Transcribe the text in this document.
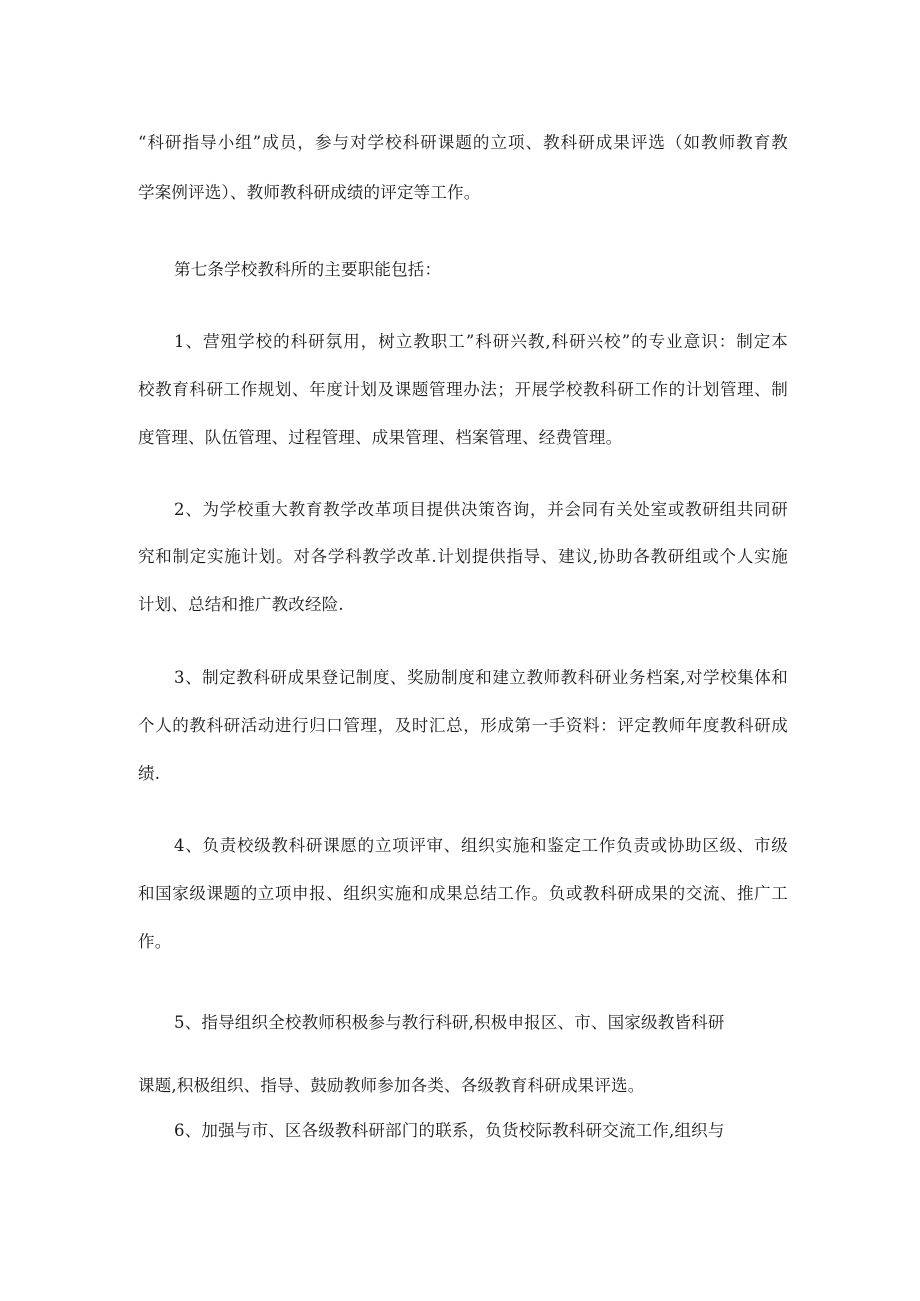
“科研指导小组”成员，参与对学校科研课题的立项、教科研成果评选（如教师教育教
学案例评选）、教师教科研成绩的评定等工作。
第七条学校教科所的主要职能包括：
1、营殂学校的科研氛用，树立教职工”科研兴教,科研兴校”的专业意识：制定本
校教育科研工作规划、年度计划及课题管理办法；开展学校教科研工作的计划管理、制
度管理、队伍管理、过程管理、成果管理、档案管理、经费管理。
2、为学校重大教育教学改革项目提供决策咨询，并会同有关处室或教研组共同研
究和制定实施计划。对各学科教学改革.计划提供指导、建议,协助各教研组或个人实施
计划、总结和推广教改经险.
3、制定教科研成果登记制度、奖励制度和建立教师教科研业务档案,对学校集体和
个人的教科研活动进行归口管理，及时汇总，形成第一手资料：评定教师年度教科研成
绩.
4、负责校级教科研课愿的立项评审、组织实施和鉴定工作负责或协助区级、市级
和国家级课题的立项申报、组织实施和成果总结工作。负或教科研成果的交流、推广工
作。
5、指导组织全校教师积极参与教行科研,积极申报区、市、国家级教皆科研
课题,积极组织、指导、鼓励教师参加各类、各级教育科研成果评选。
6、加强与市、区各级教科研部门的联系，负货校际教科研交流工作,组织与
